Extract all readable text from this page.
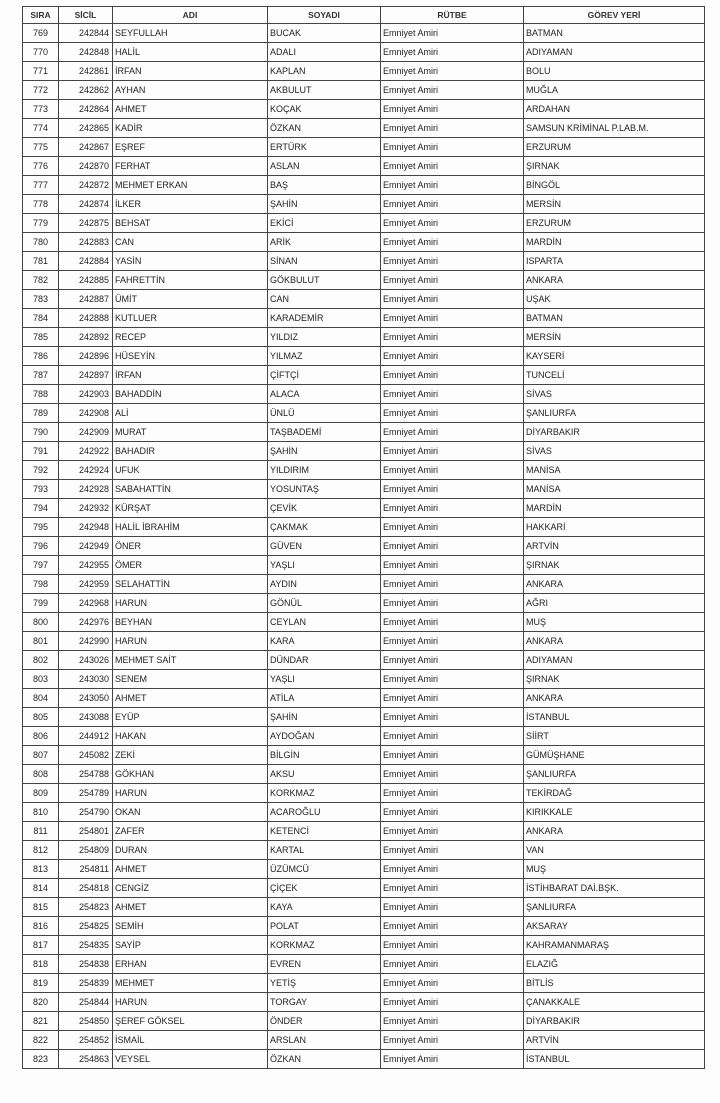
SIRA	SİCİL	ADI	SOYADI	RÜTBE	GÖREV YERİ
769	242844	SEYFULLAH	BUCAK	Emniyet Amiri	BATMAN
770	242848	HALİL	ADALI	Emniyet Amiri	ADIYAMAN
771	242861	İRFAN	KAPLAN	Emniyet Amiri	BOLU
772	242862	AYHAN	AKBULUT	Emniyet Amiri	MUĞLA
773	242864	AHMET	KOÇAK	Emniyet Amiri	ARDAHAN
774	242865	KADİR	ÖZKAN	Emniyet Amiri	SAMSUN KRİMİNAL P.LAB.M.
775	242867	EŞREF	ERTÜRK	Emniyet Amiri	ERZURUM
776	242870	FERHAT	ASLAN	Emniyet Amiri	ŞIRNAK
777	242872	MEHMET ERKAN	BAŞ	Emniyet Amiri	BİNGÖL
778	242874	İLKER	ŞAHİN	Emniyet Amiri	MERSİN
779	242875	BEHSAT	EKİCİ	Emniyet Amiri	ERZURUM
780	242883	CAN	ARİK	Emniyet Amiri	MARDİN
781	242884	YASİN	SİNAN	Emniyet Amiri	ISPARTA
782	242885	FAHRETTİN	GÖKBULUT	Emniyet Amiri	ANKARA
783	242887	ÜMİT	CAN	Emniyet Amiri	UŞAK
784	242888	KUTLUER	KARADEMİR	Emniyet Amiri	BATMAN
785	242892	RECEP	YILDIZ	Emniyet Amiri	MERSİN
786	242896	HÜSEYİN	YILMAZ	Emniyet Amiri	KAYSERİ
787	242897	İRFAN	ÇİFTÇİ	Emniyet Amiri	TUNCELİ
788	242903	BAHADDİN	ALACA	Emniyet Amiri	SİVAS
789	242908	ALİ	ÜNLÜ	Emniyet Amiri	ŞANLIURFA
790	242909	MURAT	TAŞBADEMİ	Emniyet Amiri	DİYARBAKIR
791	242922	BAHADIR	ŞAHİN	Emniyet Amiri	SİVAS
792	242924	UFUK	YILDIRIM	Emniyet Amiri	MANİSA
793	242928	SABAHATTİN	YOSUNTAŞ	Emniyet Amiri	MANİSA
794	242932	KÜRŞAT	ÇEVİK	Emniyet Amiri	MARDİN
795	242948	HALİL İBRAHİM	ÇAKMAK	Emniyet Amiri	HAKKARİ
796	242949	ÖNER	GÜVEN	Emniyet Amiri	ARTVİN
797	242955	ÖMER	YAŞLI	Emniyet Amiri	ŞIRNAK
798	242959	SELAHATTİN	AYDIN	Emniyet Amiri	ANKARA
799	242968	HARUN	GÖNÜL	Emniyet Amiri	AĞRI
800	242976	BEYHAN	CEYLAN	Emniyet Amiri	MUŞ
801	242990	HARUN	KARA	Emniyet Amiri	ANKARA
802	243026	MEHMET SAİT	DÜNDAR	Emniyet Amiri	ADIYAMAN
803	243030	SENEM	YAŞLI	Emniyet Amiri	ŞIRNAK
804	243050	AHMET	ATİLA	Emniyet Amiri	ANKARA
805	243088	EYÜP	ŞAHİN	Emniyet Amiri	İSTANBUL
806	244912	HAKAN	AYDOĞAN	Emniyet Amiri	SİİRT
807	245082	ZEKİ	BİLGİN	Emniyet Amiri	GÜMÜŞHANE
808	254788	GÖKHAN	AKSU	Emniyet Amiri	ŞANLIURFA
809	254789	HARUN	KORKMAZ	Emniyet Amiri	TEKİRDAĞ
810	254790	OKAN	ACAROĞLU	Emniyet Amiri	KIRIKKALE
811	254801	ZAFER	KETENCİ	Emniyet Amiri	ANKARA
812	254809	DURAN	KARTAL	Emniyet Amiri	VAN
813	254811	AHMET	ÜZÜMCÜ	Emniyet Amiri	MUŞ
814	254818	CENGİZ	ÇİÇEK	Emniyet Amiri	İSTİHBARAT DAİ.BŞK.
815	254823	AHMET	KAYA	Emniyet Amiri	ŞANLIURFA
816	254825	SEMİH	POLAT	Emniyet Amiri	AKSARAY
817	254835	SAYİP	KORKMAZ	Emniyet Amiri	KAHRAMANMARAŞ
818	254838	ERHAN	EVREN	Emniyet Amiri	ELAZIĞ
819	254839	MEHMET	YETİŞ	Emniyet Amiri	BİTLİS
820	254844	HARUN	TORGAY	Emniyet Amiri	ÇANAKKALE
821	254850	ŞEREF GÖKSEL	ÖNDER	Emniyet Amiri	DİYARBAKIR
822	254852	İSMAİL	ARSLAN	Emniyet Amiri	ARTVİN
823	254863	VEYSEL	ÖZKAN	Emniyet Amiri	İSTANBUL
